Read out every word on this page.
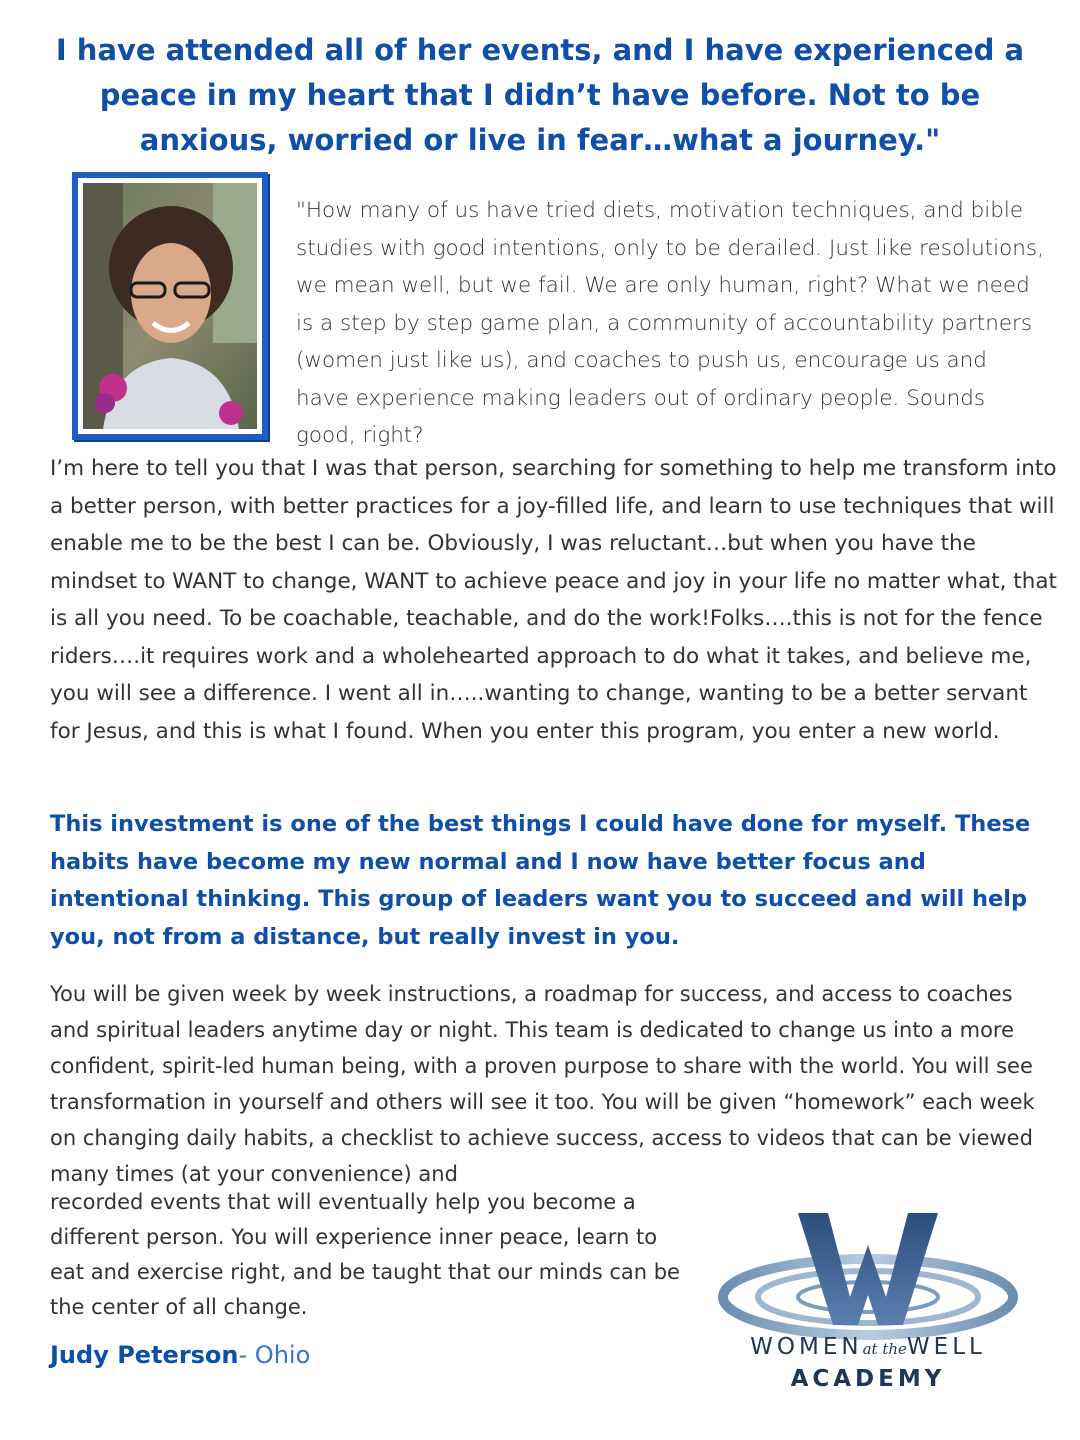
I have attended all of her events, and I have experienced a peace in my heart that I didn’t have before. Not to be anxious, worried or live in fear…what a journey."

"How many of us have tried diets, motivation techniques, and bible studies with good intentions, only to be derailed. Just like resolutions, we mean well, but we fail. We are only human, right? What we need is a step by step game plan, a community of accountability partners (women just like us), and coaches to push us, encourage us and have experience making leaders out of ordinary people. Sounds good, right?

I’m here to tell you that I was that person, searching for something to help me transform into a better person, with better practices for a joy-filled life, and learn to use techniques that will enable me to be the best I can be. Obviously, I was reluctant…but when you have the mindset to WANT to change, WANT to achieve peace and joy in your life no matter what, that is all you need. To be coachable, teachable, and do the work!Folks….this is not for the fence riders….it requires work and a wholehearted approach to do what it takes, and believe me, you will see a difference. I went all in…..wanting to change, wanting to be a better servant for Jesus, and this is what I found. When you enter this program, you enter a new world.

This investment is one of the best things I could have done for myself. These habits have become my new normal and I now have better focus and intentional thinking. This group of leaders want you to succeed and will help you, not from a distance, but really invest in you.

You will be given week by week instructions, a roadmap for success, and access to coaches and spiritual leaders anytime day or night. This team is dedicated to change us into a more confident, spirit-led human being, with a proven purpose to share with the world. You will see transformation in yourself and others will see it too. You will be given “homework” each week on changing daily habits, a checklist to achieve success, access to videos that can be viewed many times (at your convenience) and

recorded events that will eventually help you become a different person. You will experience inner peace, learn to eat and exercise right, and be taught that our minds can be the center of all change.

Judy Peterson- Ohio	WOMENat theWELL

ACADEMY
